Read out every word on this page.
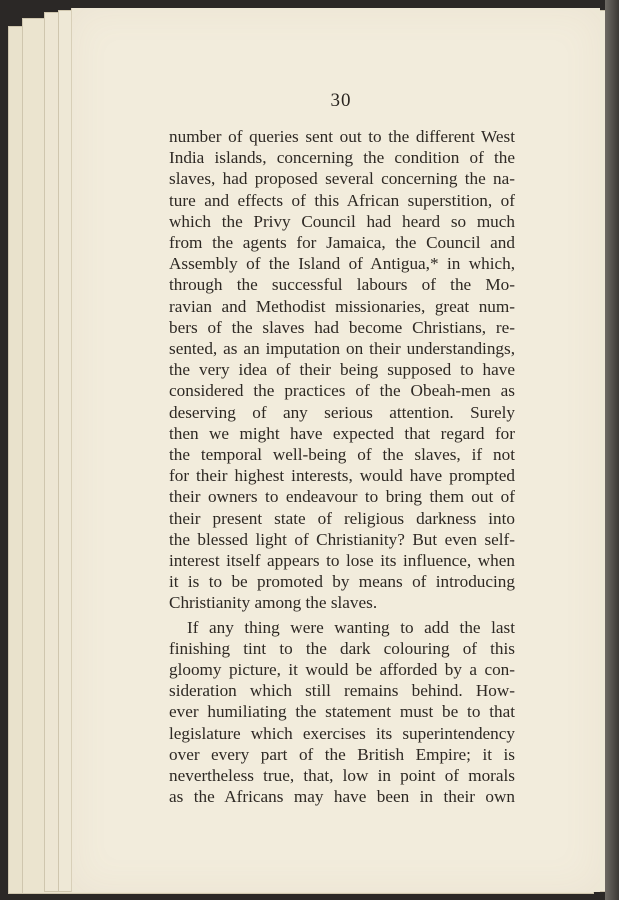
30
number of queries sent out to the different West
India islands, concerning the condition of the
slaves, had proposed several concerning the na-
ture and effects of this African superstition, of
which the Privy Council had heard so much
from the agents for Jamaica, the Council and
Assembly of the Island of Antigua,* in which,
through the successful labours of the Mo-
ravian and Methodist missionaries, great num-
bers of the slaves had become Christians, re-
sented, as an imputation on their understandings,
the very idea of their being supposed to have
considered the practices of the Obeah-men as
deserving of any serious attention. Surely
then we might have expected that regard for
the temporal well-being of the slaves, if not
for their highest interests, would have prompted
their owners to endeavour to bring them out of
their present state of religious darkness into
the blessed light of Christianity? But even self-
interest itself appears to lose its influence, when
it is to be promoted by means of introducing
Christianity among the slaves.
If any thing were wanting to add the last
finishing tint to the dark colouring of this
gloomy picture, it would be afforded by a con-
sideration which still remains behind. How-
ever humiliating the statement must be to that
legislature which exercises its superintendency
over every part of the British Empire; it is
nevertheless true, that, low in point of morals
as the Africans may have been in their own
